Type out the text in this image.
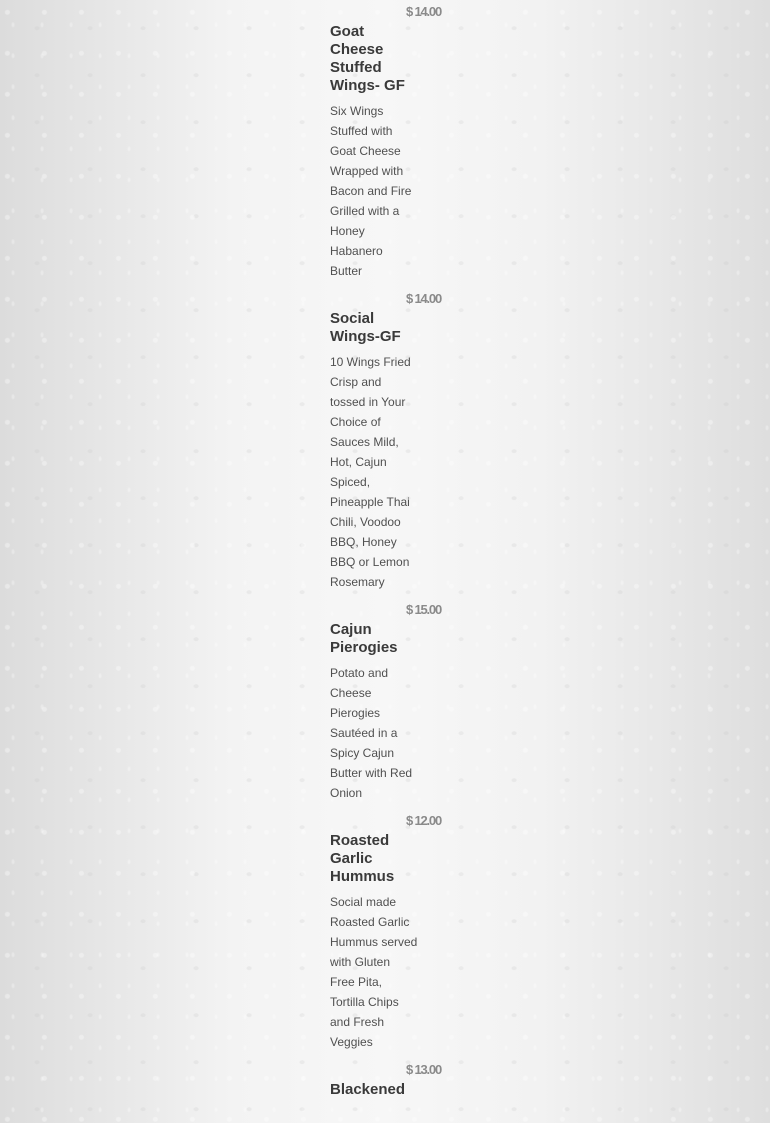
$ 14.00
Goat Cheese Stuffed Wings- GF
Six Wings Stuffed with Goat Cheese Wrapped with Bacon and Fire Grilled with a Honey Habanero Butter
$ 14.00
Social Wings-GF
10 Wings Fried Crisp and tossed in Your Choice of Sauces Mild, Hot, Cajun Spiced, Pineapple Thai Chili, Voodoo BBQ, Honey BBQ or Lemon Rosemary
$ 15.00
Cajun Pierogies
Potato and Cheese Pierogies Sautéed in a Spicy Cajun Butter with Red Onion
$ 12.00
Roasted Garlic Hummus
Social made Roasted Garlic Hummus served with Gluten Free Pita, Tortilla Chips and Fresh Veggies
$ 13.00
Blackened
